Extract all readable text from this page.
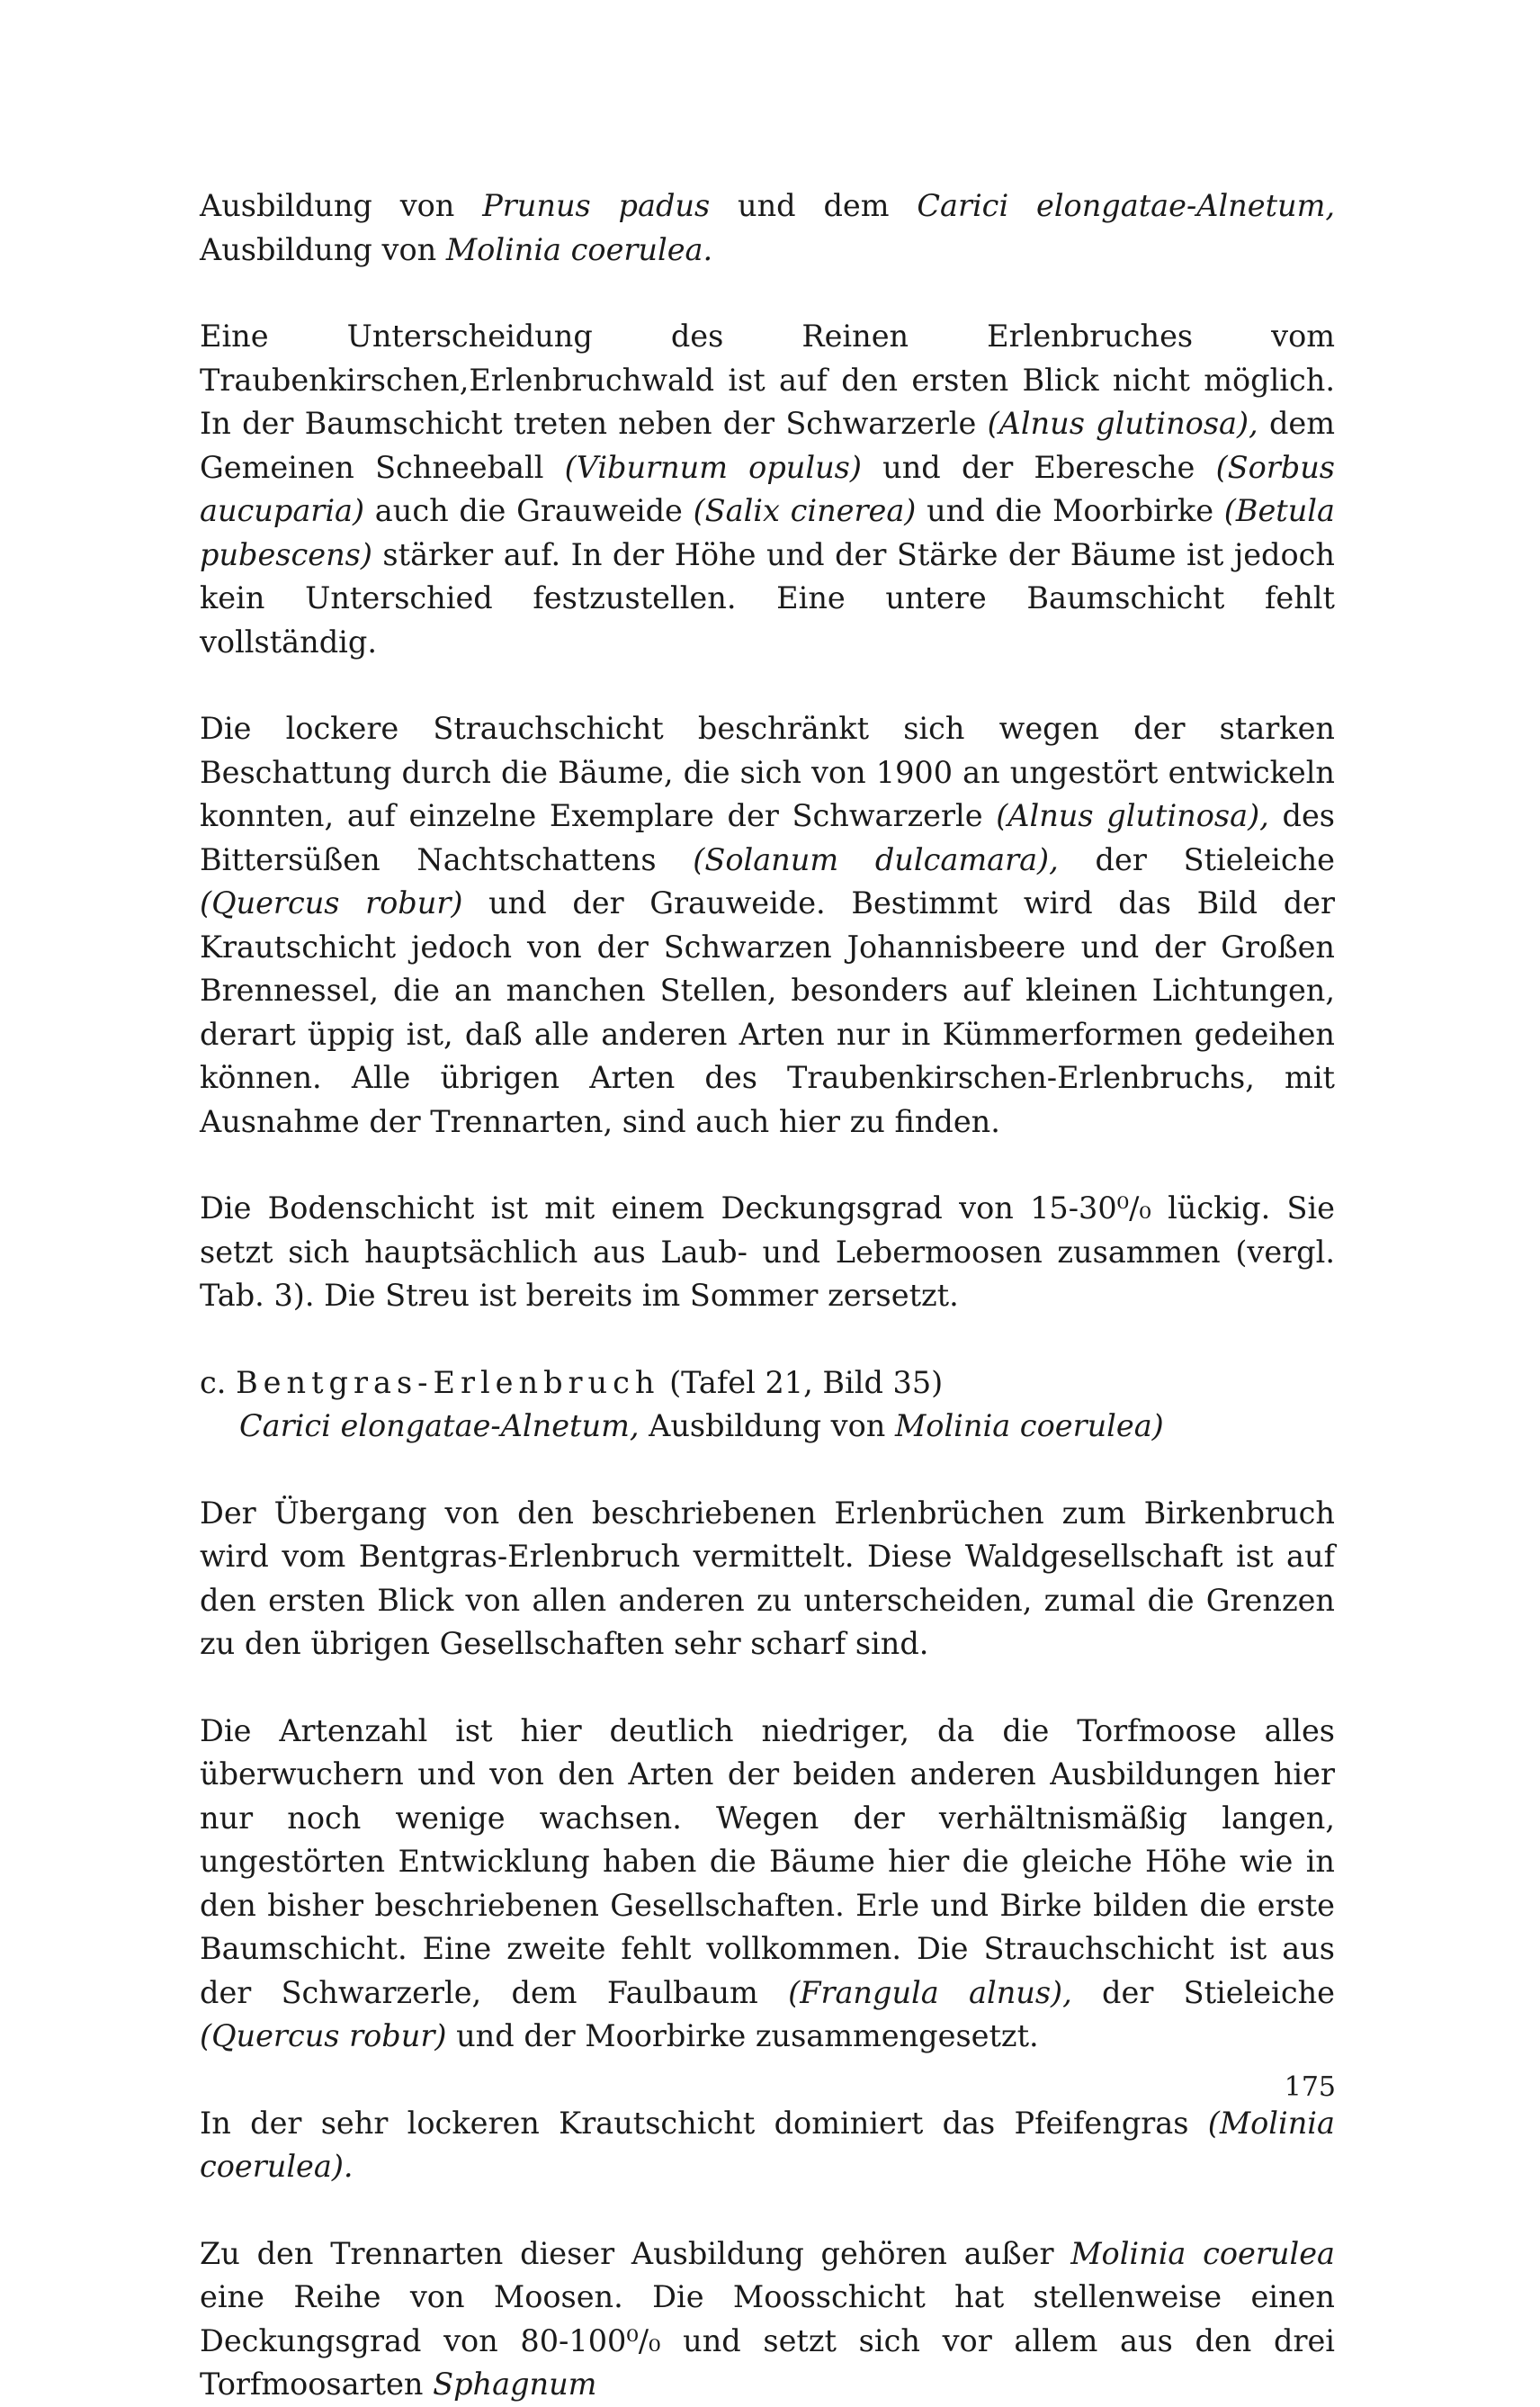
Ausbildung von Prunus padus und dem Carici elongatae-Alnetum, Ausbildung von Molinia coerulea.

Eine Unterscheidung des Reinen Erlenbruches vom Traubenkirschen,Erlenbruchwald ist auf den ersten Blick nicht möglich. In der Baumschicht treten neben der Schwarzerle (Alnus glutinosa), dem Gemeinen Schneeball (Viburnum opulus) und der Eberesche (Sorbus aucuparia) auch die Grauweide (Salix cinerea) und die Moorbirke (Betula pubescens) stärker auf. In der Höhe und der Stärke der Bäume ist jedoch kein Unterschied festzustellen. Eine untere Baumschicht fehlt vollständig.

Die lockere Strauchschicht beschränkt sich wegen der starken Beschattung durch die Bäume, die sich von 1900 an ungestört entwickeln konnten, auf einzelne Exemplare der Schwarzerle (Alnus glutinosa), des Bittersüßen Nachtschattens (Solanum dulcamara), der Stieleiche (Quercus robur) und der Grauweide. Bestimmt wird das Bild der Krautschicht jedoch von der Schwarzen Johannisbeere und der Großen Brennessel, die an manchen Stellen, besonders auf kleinen Lichtungen, derart üppig ist, daß alle anderen Arten nur in Kümmerformen gedeihen können. Alle übrigen Arten des Traubenkirschen-Erlenbruchs, mit Ausnahme der Trennarten, sind auch hier zu finden.

Die Bodenschicht ist mit einem Deckungsgrad von 15-30⁰/₀ lückig. Sie setzt sich hauptsächlich aus Laub- und Lebermoosen zusammen (vergl. Tab. 3). Die Streu ist bereits im Sommer zersetzt.

c. Bentgras-Erlenbruch (Tafel 21, Bild 35)
Carici elongatae-Alnetum, Ausbildung von Molinia coerulea)

Der Übergang von den beschriebenen Erlenbrüchen zum Birkenbruch wird vom Bentgras-Erlenbruch vermittelt. Diese Waldgesellschaft ist auf den ersten Blick von allen anderen zu unterscheiden, zumal die Grenzen zu den übrigen Gesellschaften sehr scharf sind.

Die Artenzahl ist hier deutlich niedriger, da die Torfmoose alles überwuchern und von den Arten der beiden anderen Ausbildungen hier nur noch wenige wachsen. Wegen der verhältnismäßig langen, ungestörten Entwicklung haben die Bäume hier die gleiche Höhe wie in den bisher beschriebenen Gesellschaften. Erle und Birke bilden die erste Baumschicht. Eine zweite fehlt vollkommen. Die Strauchschicht ist aus der Schwarzerle, dem Faulbaum (Frangula alnus), der Stieleiche (Quercus robur) und der Moorbirke zusammengesetzt.

In der sehr lockeren Krautschicht dominiert das Pfeifengras (Molinia coerulea).

Zu den Trennarten dieser Ausbildung gehören außer Molinia coerulea eine Reihe von Moosen. Die Moosschicht hat stellenweise einen Deckungsgrad von 80-100⁰/₀ und setzt sich vor allem aus den drei Torfmoosarten Sphagnum

175
